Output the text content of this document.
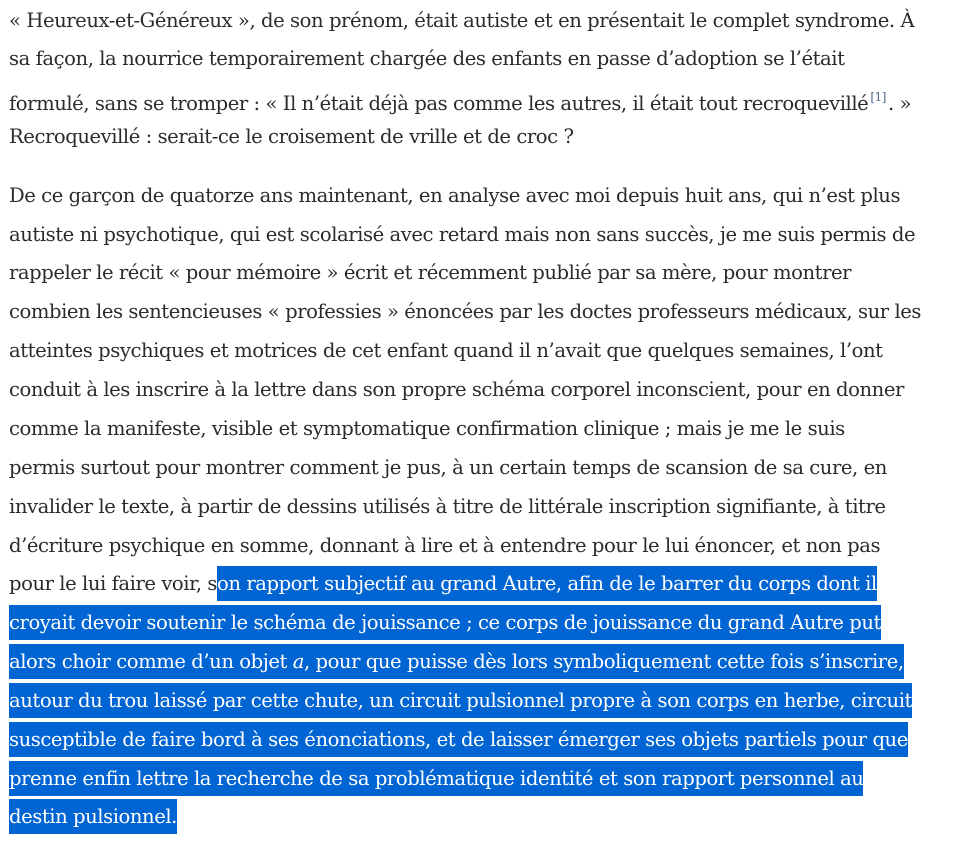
« Heureux-et-Généreux », de son prénom, était autiste et en présentait le complet syndrome. À
sa façon, la nourrice temporairement chargée des enfants en passe d’adoption se l’était
formulé, sans se tromper : « Il n’était déjà pas comme les autres, il était tout recroquevillé [1] . »
Recroquevillé : serait-ce le croisement de vrille et de croc ?
De ce garçon de quatorze ans maintenant, en analyse avec moi depuis huit ans, qui n’est plus
autiste ni psychotique, qui est scolarisé avec retard mais non sans succès, je me suis permis de
rappeler le récit « pour mémoire » écrit et récemment publié par sa mère, pour montrer
combien les sentencieuses « professies » énoncées par les doctes professeurs médicaux, sur les
atteintes psychiques et motrices de cet enfant quand il n’avait que quelques semaines, l’ont
conduit à les inscrire à la lettre dans son propre schéma corporel inconscient, pour en donner
comme la manifeste, visible et symptomatique confirmation clinique ; mais je me le suis
permis surtout pour montrer comment je pus, à un certain temps de scansion de sa cure, en
invalider le texte, à partir de dessins utilisés à titre de littérale inscription signifiante, à titre
d’écriture psychique en somme, donnant à lire et à entendre pour le lui énoncer, et non pas
pour le lui faire voir, son rapport subjectif au grand Autre, afin de le barrer du corps dont il
croyait devoir soutenir le schéma de jouissance ; ce corps de jouissance du grand Autre put
alors choir comme d’un objet a, pour que puisse dès lors symboliquement cette fois s’inscrire,
autour du trou laissé par cette chute, un circuit pulsionnel propre à son corps en herbe, circuit
susceptible de faire bord à ses énonciations, et de laisser émerger ses objets partiels pour que
prenne enfin lettre la recherche de sa problématique identité et son rapport personnel au
destin pulsionnel.
